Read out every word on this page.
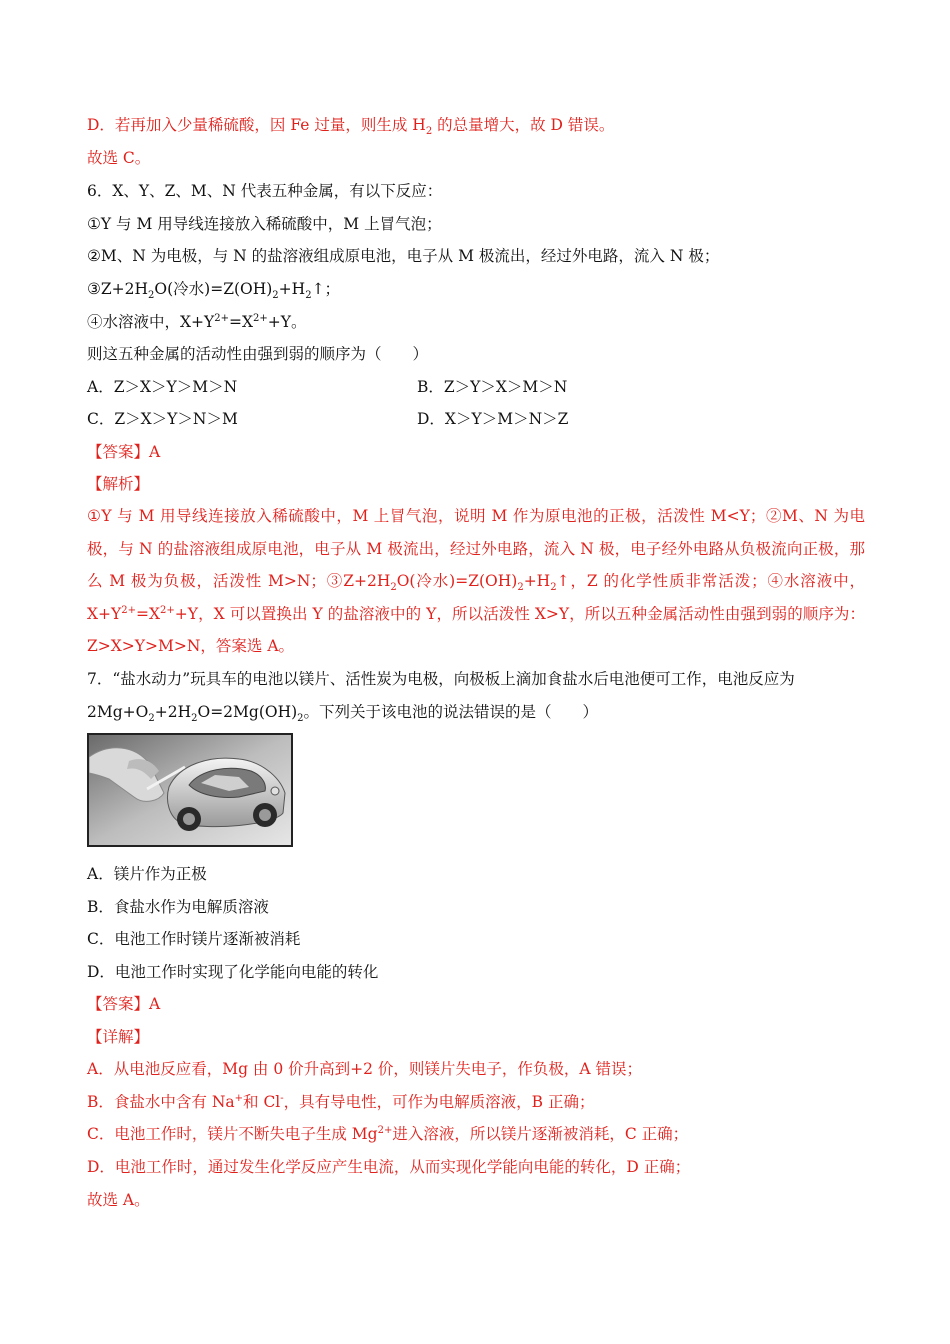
D．若再加入少量稀硫酸，因 Fe 过量，则生成 $H_2$ 的总量增大，故 D 错误。
故选 C。
6．X、Y、Z、M、N 代表五种金属，有以下反应：
①Y 与 M 用导线连接放入稀硫酸中，M 上冒气泡；
②M、N 为电极，与 N 的盐溶液组成原电池，电子从 M 极流出，经过外电路，流入 N 极；
$③Z+2H_2O$(冷水)$=Z(OH)_2+H_2↑$；
④水溶液中，$X+Y^{2+}=X^{2+}+Y$。
则这五种金属的活动性由强到弱的顺序为（　　）
A．Z＞X＞Y＞M＞N	B．Z＞Y＞X＞M＞N
C．Z＞X＞Y＞N＞M	D．X＞Y＞M＞N＞Z
【答案】A
【解析】
①Y 与 M 用导线连接放入稀硫酸中，M 上冒气泡，说明 M 作为原电池的正极，活泼性 M<Y；②M、N 为电极，与 N 的盐溶液组成原电池，电子从 M 极流出，经过外电路，流入 N 极，电子经外电路从负极流向正极，那么 M 极为负极，活泼性 M>N；$③Z+2H_2O$(冷水)$=Z(OH)_2+H_2↑$，Z 的化学性质非常活泼；④水溶液中，$X+Y^{2+}=X^{2+}+Y$，X 可以置换出 Y 的盐溶液中的 Y，所以活泼性 X>Y，所以五种金属活动性由强到弱的顺序为：Z>X>Y>M>N，答案选 A。
7．“盐水动力”玩具车的电池以镁片、活性炭为电极，向极板上滴加食盐水后电池便可工作，电池反应为
$2Mg+O_2+2H_2O=2Mg(OH)_2$。下列关于该电池的说法错误的是（　　）
A．镁片作为正极
B．食盐水作为电解质溶液
C．电池工作时镁片逐渐被消耗
D．电池工作时实现了化学能向电能的转化
【答案】A
【详解】
A．从电池反应看，Mg 由 0 价升高到+2 价，则镁片失电子，作负极，A 错误；
B．食盐水中含有 Na+和 Cl-，具有导电性，可作为电解质溶液，B 正确；
C．电池工作时，镁片不断失电子生成 $Mg^{2+}$进入溶液，所以镁片逐渐被消耗，C 正确；
D．电池工作时，通过发生化学反应产生电流，从而实现化学能向电能的转化，D 正确；
故选 A。
